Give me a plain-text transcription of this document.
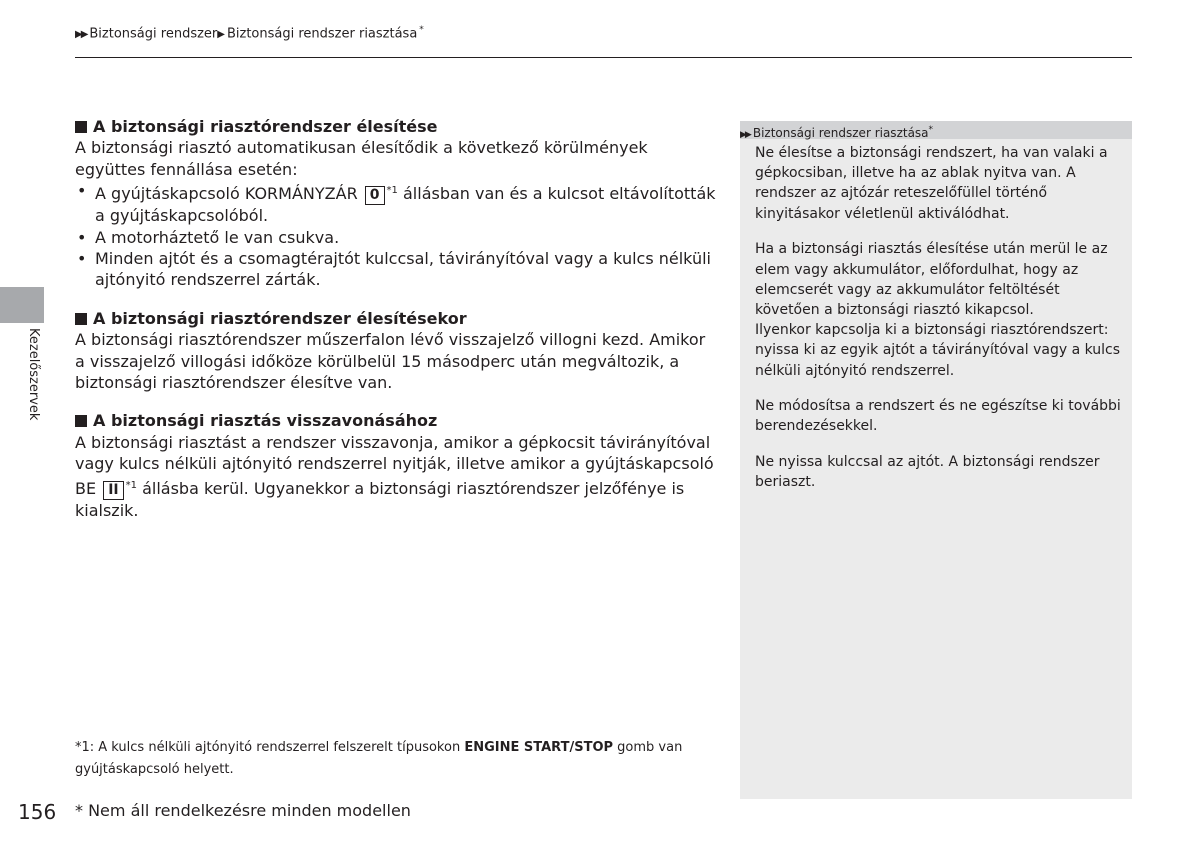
▶▶ Biztonsági rendszer▶ Biztonsági rendszer riasztása *
Kezelőszervek
A biztonsági riasztórendszer élesítése

A biztonsági riasztó automatikusan élesítődik a következő körülmények együttes fennállása esetén:

• A gyújtáskapcsoló KORMÁNYZÁR 0 $^{*1}$ állásban van és a kulcsot eltávolították a gyújtáskapcsolóból.
• A motorháztető le van csukva.
• Minden ajtót és a csomagtérajtót kulccsal, távirányítóval vagy a kulcs nélküli ajtónyitó rendszerrel zárták.
A biztonsági riasztórendszer élesítésekor

A biztonsági riasztórendszer műszerfalon lévő visszajelző villogni kezd. Amikor a visszajelző villogási időköze körülbelül 15 másodperc után megváltozik, a biztonsági riasztórendszer élesítve van.

A biztonsági riasztás visszavonásához

A biztonsági riasztást a rendszer visszavonja, amikor a gépkocsit távirányítóval vagy kulcs nélküli ajtónyitó rendszerrel nyitják, illetve amikor a gyújtáskapcsoló BE II $^{*1}$ állásba kerül. Ugyanekkor a biztonsági riasztórendszer jelzőfénye is kialszik.

*1: A kulcs nélküli ajtónyitó rendszerrel felszerelt típusokon ENGINE START/STOP gomb van gyújtáskapcsoló helyett.
156 * Nem áll rendelkezésre minden modellen
▶▶ Biztonsági rendszer riasztása*

Ne élesítse a biztonsági rendszert, ha van valaki a gépkocsiban, illetve ha az ablak nyitva van. A rendszer az ajtózár reteszelőfüllel történő kinyitásakor véletlenül aktiválódhat.

Ha a biztonsági riasztás élesítése után merül le az elem vagy akkumulátor, előfordulhat, hogy az elemcserét vagy az akkumulátor feltöltését követően a biztonsági riasztó kikapcsol.

Ilyenkor kapcsolja ki a biztonsági riasztórendszert: nyissa ki az egyik ajtót a távirányítóval vagy a kulcs nélküli ajtónyitó rendszerrel.

Ne módosítsa a rendszert és ne egészítse ki további berendezésekkel.

Ne nyissa kulccsal az ajtót. A biztonsági rendszer beriaszt.
